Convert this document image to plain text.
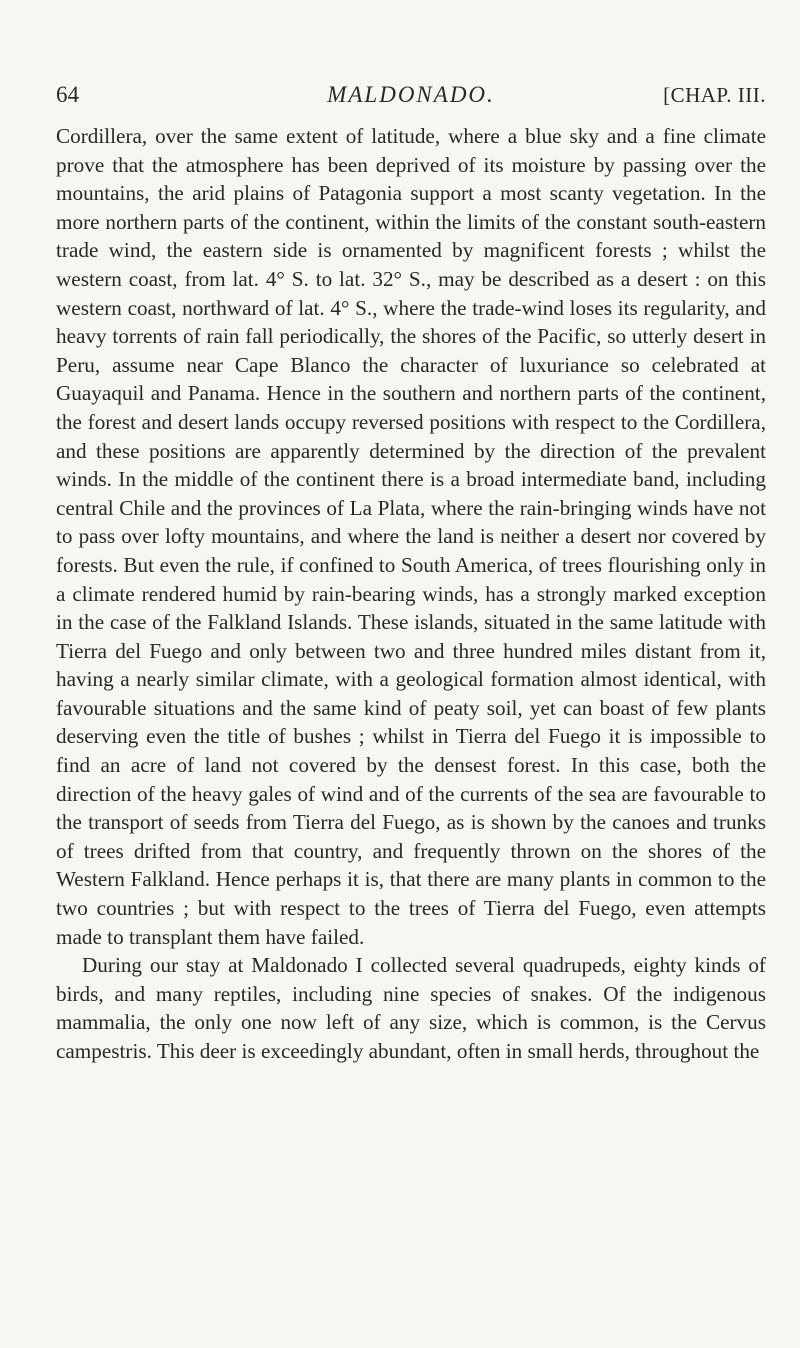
64	MALDONADO.	[CHAP. III.

Cordillera, over the same extent of latitude, where a blue sky and a fine climate prove that the atmosphere has been deprived of its moisture by passing over the mountains, the arid plains of Patagonia support a most scanty vegetation. In the more northern parts of the continent, within the limits of the constant south-eastern trade wind, the eastern side is ornamented by magnificent forests ; whilst the western coast, from lat. 4° S. to lat. 32° S., may be described as a desert : on this western coast, northward of lat. 4° S., where the trade-wind loses its regularity, and heavy torrents of rain fall periodically, the shores of the Pacific, so utterly desert in Peru, assume near Cape Blanco the character of luxuriance so celebrated at Guayaquil and Panama. Hence in the southern and northern parts of the continent, the forest and desert lands occupy reversed positions with respect to the Cordillera, and these positions are apparently determined by the direction of the prevalent winds. In the middle of the continent there is a broad intermediate band, including central Chile and the provinces of La Plata, where the rain-bringing winds have not to pass over lofty mountains, and where the land is neither a desert nor covered by forests. But even the rule, if confined to South America, of trees flourishing only in a climate rendered humid by rain-bearing winds, has a strongly marked exception in the case of the Falkland Islands. These islands, situated in the same latitude with Tierra del Fuego and only between two and three hundred miles distant from it, having a nearly similar climate, with a geological formation almost identical, with favourable situations and the same kind of peaty soil, yet can boast of few plants deserving even the title of bushes ; whilst in Tierra del Fuego it is impossible to find an acre of land not covered by the densest forest. In this case, both the direction of the heavy gales of wind and of the currents of the sea are favourable to the transport of seeds from Tierra del Fuego, as is shown by the canoes and trunks of trees drifted from that country, and frequently thrown on the shores of the Western Falkland. Hence perhaps it is, that there are many plants in common to the two countries ; but with respect to the trees of Tierra del Fuego, even attempts made to transplant them have failed.

During our stay at Maldonado I collected several quadrupeds, eighty kinds of birds, and many reptiles, including nine species of snakes. Of the indigenous mammalia, the only one now left of any size, which is common, is the Cervus campestris. This deer is exceedingly abundant, often in small herds, throughout the
